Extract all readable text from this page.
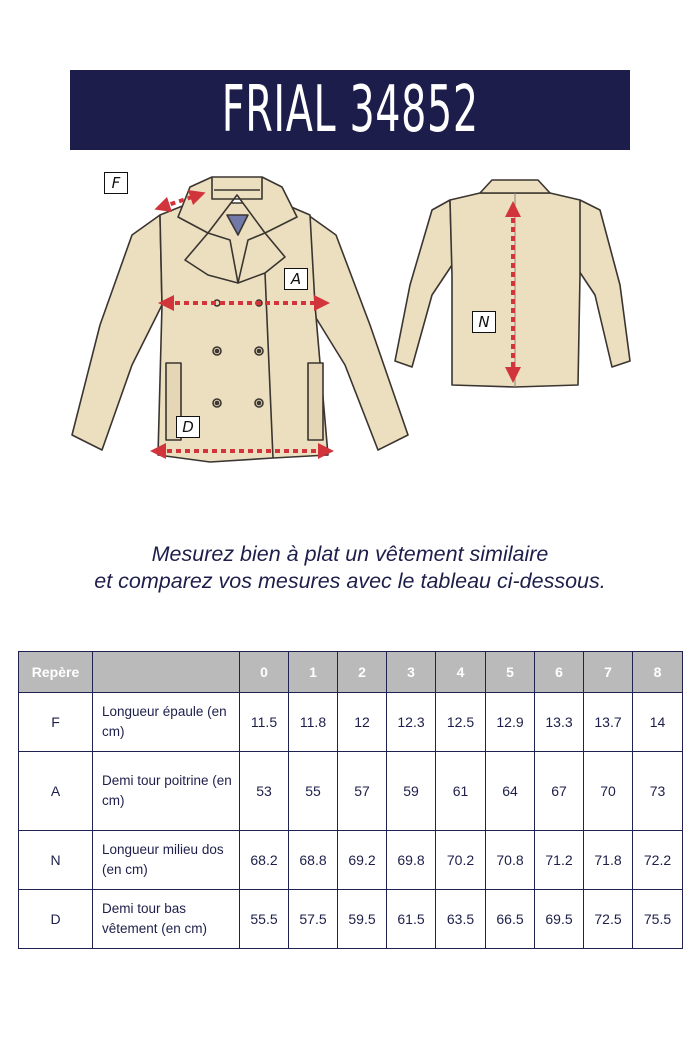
FRIAL 34852
F
A
D
N
Mesurez bien à plat un vêtement similaire
et comparez vos mesures avec le tableau ci-dessous.
Repère		0	1	2	3	4	5	6	7	8
F	Longueur épaule (en cm)	11.5	11.8	12	12.3	12.5	12.9	13.3	13.7	14
A	Demi tour poitrine (en cm)	53	55	57	59	61	64	67	70	73
N	Longueur milieu dos (en cm)	68.2	68.8	69.2	69.8	70.2	70.8	71.2	71.8	72.2
D	Demi tour bas vêtement (en cm)	55.5	57.5	59.5	61.5	63.5	66.5	69.5	72.5	75.5
